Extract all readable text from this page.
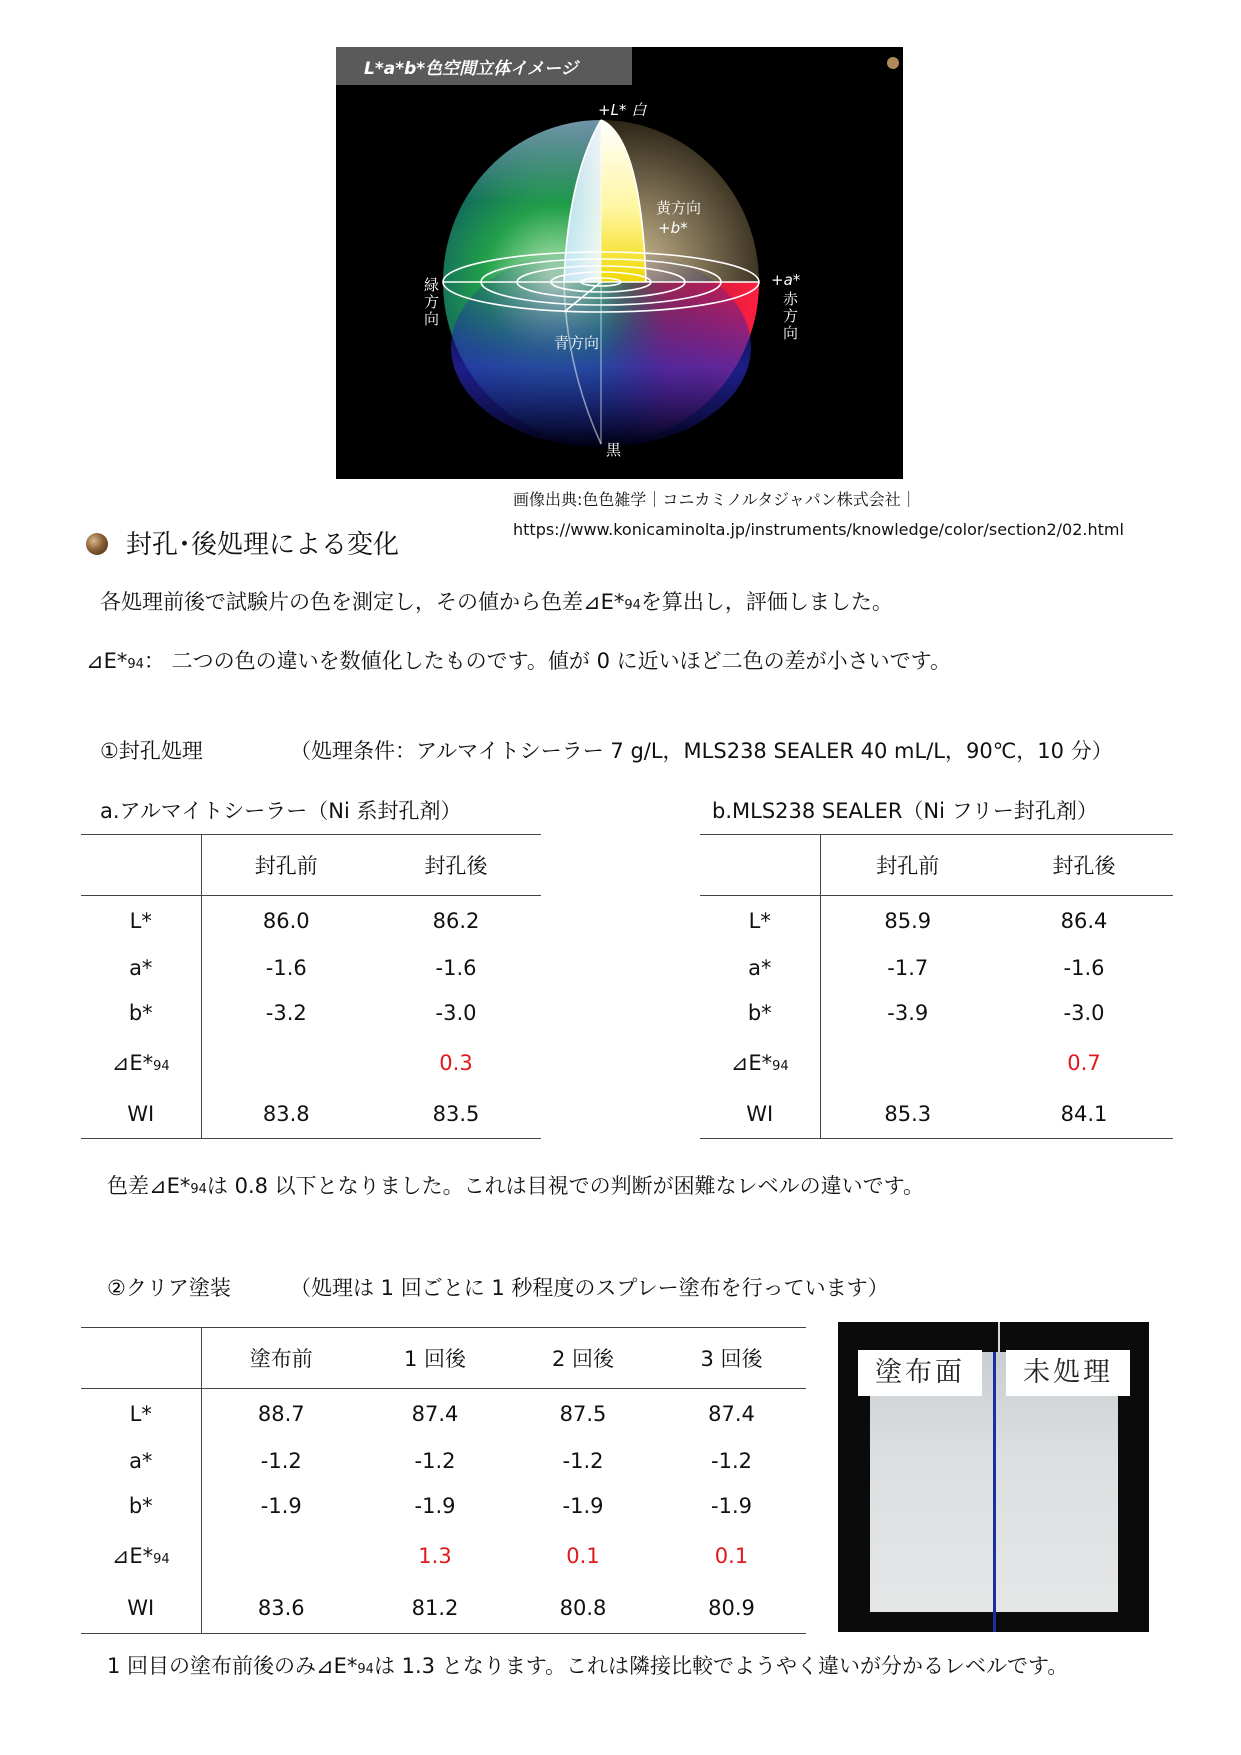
L*a*b*色空間立体イメージ
+L* 白
黄方向
+b*
+a*
赤方向
緑方向
青方向
黒
画像出典:色色雑学｜コニカミノルタジャパン株式会社｜
https://www.konicaminolta.jp/instruments/knowledge/color/section2/02.html
封孔･後処理による変化
各処理前後で試験片の色を測定し，その値から色差⊿E*94を算出し，評価しました。
⊿E*94： 二つの色の違いを数値化したものです。値が 0 に近いほど二色の差が小さいです。
①封孔処理	（処理条件：アルマイトシーラー 7 g/L，MLS238 SEALER 40 mL/L，90℃，10 分）
a.アルマイトシーラー（Ni 系封孔剤）	b.MLS238 SEALER（Ni フリー封孔剤）
	封孔前	封孔後
L*	86.0	86.2
a*	-1.6	-1.6
b*	-3.2	-3.0
⊿E*94		0.3
WI	83.8	83.5
	封孔前	封孔後
L*	85.9	86.4
a*	-1.7	-1.6
b*	-3.9	-3.0
⊿E*94		0.7
WI	85.3	84.1
色差⊿E*94は 0.8 以下となりました。これは目視での判断が困難なレベルの違いです。
②クリア塗装	（処理は 1 回ごとに 1 秒程度のスプレー塗布を行っています）
	塗布前	1 回後	2 回後	3 回後
L*	88.7	87.4	87.5	87.4
a*	-1.2	-1.2	-1.2	-1.2
b*	-1.9	-1.9	-1.9	-1.9
⊿E*94		1.3	0.1	0.1
WI	83.6	81.2	80.8	80.9
塗布面	未処理
1 回目の塗布前後のみ⊿E*94は 1.3 となります。これは隣接比較でようやく違いが分かるレベルです。
